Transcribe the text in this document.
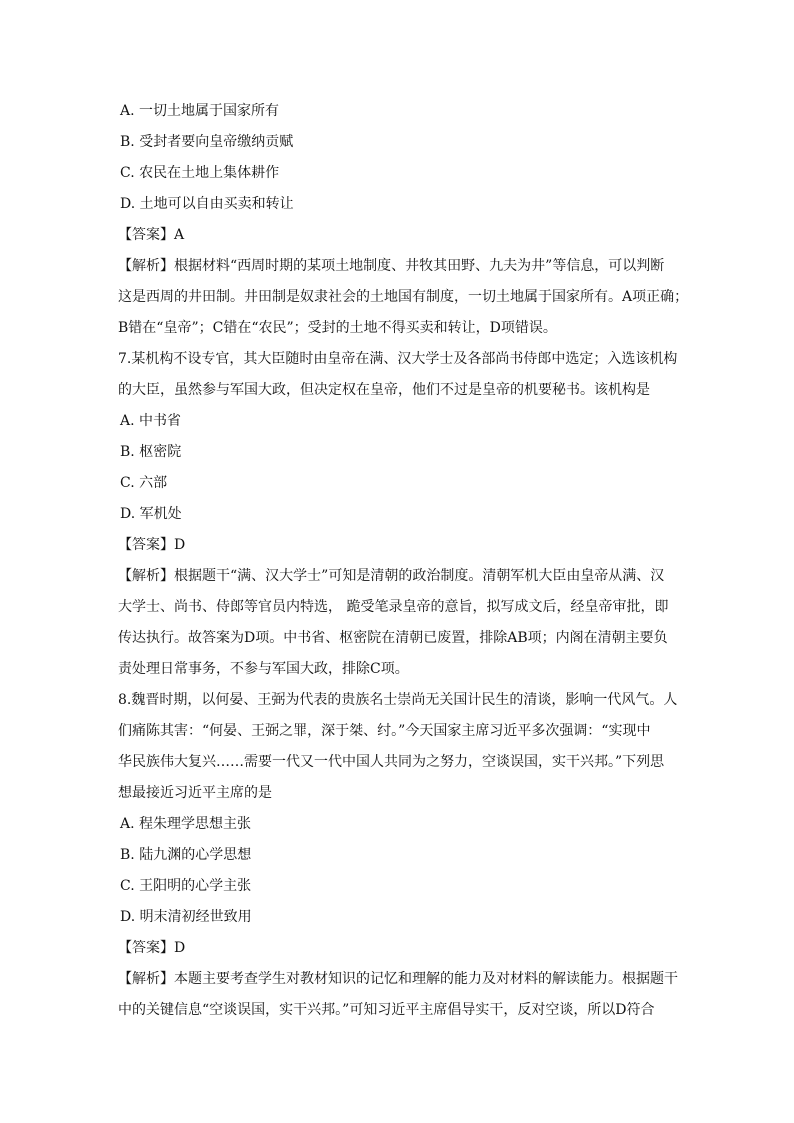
A. 一切土地属于国家所有
B. 受封者要向皇帝缴纳贡赋
C. 农民在土地上集体耕作
D. 土地可以自由买卖和转让
【答案】A
【解析】根据材料“西周时期的某项土地制度、井牧其田野、九夫为井”等信息，可以判断
这是西周的井田制。井田制是奴隶社会的土地国有制度，一切土地属于国家所有。A项正确；
B错在“皇帝”；C错在“农民”；受封的土地不得买卖和转让，D项错误。
7.某机构不设专官，其大臣随时由皇帝在满、汉大学士及各部尚书侍郎中选定；入选该机构
的大臣，虽然参与军国大政，但决定权在皇帝，他们不过是皇帝的机要秘书。该机构是
A. 中书省
B. 枢密院
C. 六部
D. 军机处
【答案】D
【解析】根据题干“满、汉大学士”可知是清朝的政治制度。清朝军机大臣由皇帝从满、汉
大学士、尚书、侍郎等官员内特选， 跪受笔录皇帝的意旨，拟写成文后，经皇帝审批，即
传达执行。故答案为D项。中书省、枢密院在清朝已废置，排除AB项；内阁在清朝主要负
责处理日常事务，不参与军国大政，排除C项。
8.魏晋时期，以何晏、王弼为代表的贵族名士崇尚无关国计民生的清谈，影响一代风气。人
们痛陈其害：“何晏、王弼之罪，深于桀、纣。”今天国家主席习近平多次强调：“实现中
华民族伟大复兴……需要一代又一代中国人共同为之努力，空谈误国，实干兴邦。”下列思
想最接近习近平主席的是
A. 程朱理学思想主张
B. 陆九渊的心学思想
C. 王阳明的心学主张
D. 明末清初经世致用
【答案】D
【解析】本题主要考查学生对教材知识的记忆和理解的能力及对材料的解读能力。根据题干
中的关键信息“空谈误国，实干兴邦。”可知习近平主席倡导实干，反对空谈，所以D符合
